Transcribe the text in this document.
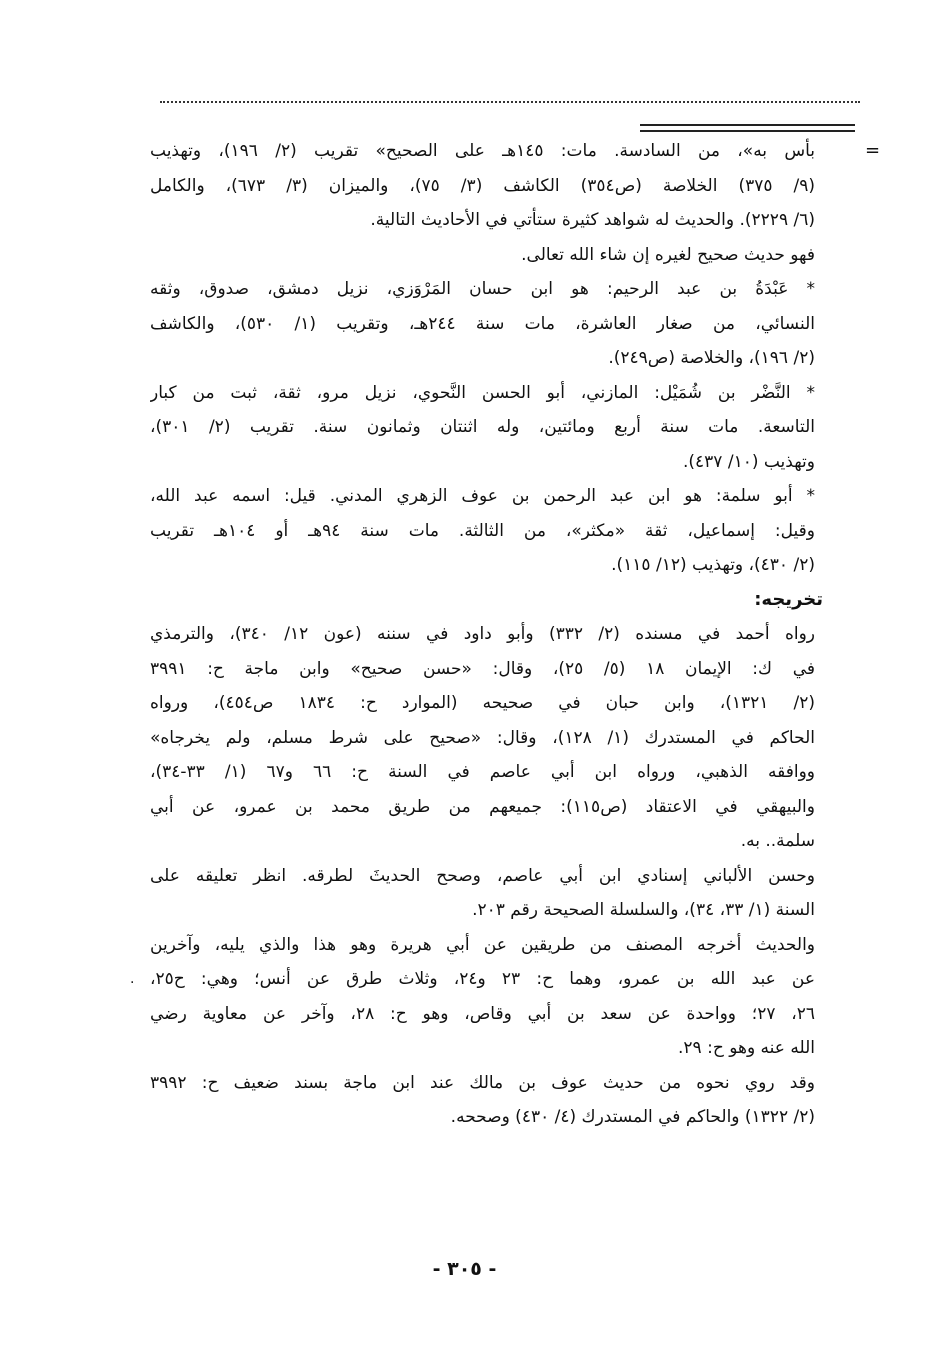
=
·
بأس به»، من السادسة. مات: ١٤٥هـ على الصحيح» تقريب (٢/ ١٩٦)، وتهذيب
(٩/ ٣٧٥) الخلاصة (ص٣٥٤) الكاشف (٣/ ٧٥)، والميزان (٣/ ٦٧٣)، والكامل
(٦/ ٢٢٢٩). والحديث له شواهد كثيرة ستأتي في الأحاديث التالية.
فهو حديث صحيح لغيره إن شاء الله تعالى.
* عَبْدَةُ بن عبد الرحيم: هو ابن حسان المَرْوَزي، نزيل دمشق، صدوق، وثقه
النسائي، من صغار العاشرة، مات سنة ٢٤٤هـ، وتقريب (١/ ٥٣٠)، والكاشف
(٢/ ١٩٦)، والخلاصة (ص٢٤٩).
* النَّضْر بن شُمَيْل: المازني، أبو الحسن النَّحوي، نزيل مرو، ثقة، ثبت من كبار
التاسعة. مات سنة أربع ومائتين، وله اثنتان وثمانون سنة. تقريب (٢/ ٣٠١)،
وتهذيب (١٠/ ٤٣٧).
* أبو سلمة: هو ابن عبد الرحمن بن عوف الزهري المدني. قيل: اسمه عبد الله،
وقيل: إسماعيل، ثقة «مكثر»، من الثالثة. مات سنة ٩٤هـ أو ١٠٤هـ تقريب
(٢/ ٤٣٠)، وتهذيب (١٢/ ١١٥).
تخريجه:
رواه أحمد في مسنده (٢/ ٣٣٢) وأبو داود في سننه (عون ١٢/ ٣٤٠)، والترمذي
في ك: الإيمان ١٨ (٥/ ٢٥)، وقال: «حسن صحيح» وابن ماجة ح: ٣٩٩١
(٢/ ١٣٢١)، وابن حبان في صحيحه (الموارد ح: ١٨٣٤ ص٤٥٤)، ورواه
الحاكم في المستدرك (١/ ١٢٨)، وقال: «صحيح على شرط مسلم، ولم يخرجاه»
ووافقه الذهبي، ورواه ابن أبي عاصم في السنة ح: ٦٦ و٦٧ (١/ ٣٣-٣٤)،
والبيهقي في الاعتقاد (ص١١٥): جميعهم من طريق محمد بن عمرو، عن أبي
سلمة.. به.
وحسن الألباني إسنادي ابن أبي عاصم، وصحح الحديثَ لطرقه. انظر تعليقه على
السنة (١/ ٣٣، ٣٤)، والسلسلة الصحيحة رقم ٢٠٣.
والحديث أخرجه المصنف من طريقين عن أبي هريرة وهو هذا والذي يليه، وآخرين
عن عبد الله بن عمرو، وهما ح: ٢٣ و٢٤، وثلاث طرق عن أنس؛ وهي: ح٢٥،
٢٦، ٢٧؛ وواحدة عن سعد بن أبي وقاص، وهو ح: ٢٨، وآخر عن معاوية رضي
الله عنه وهو ح: ٢٩.
وقد روي نحوه من حديث عوف بن مالك عند ابن ماجة بسند ضعيف ح: ٣٩٩٢
(٢/ ١٣٢٢) والحاكم في المستدرك (٤/ ٤٣٠) وصححه.
- ٣٠٥ -
